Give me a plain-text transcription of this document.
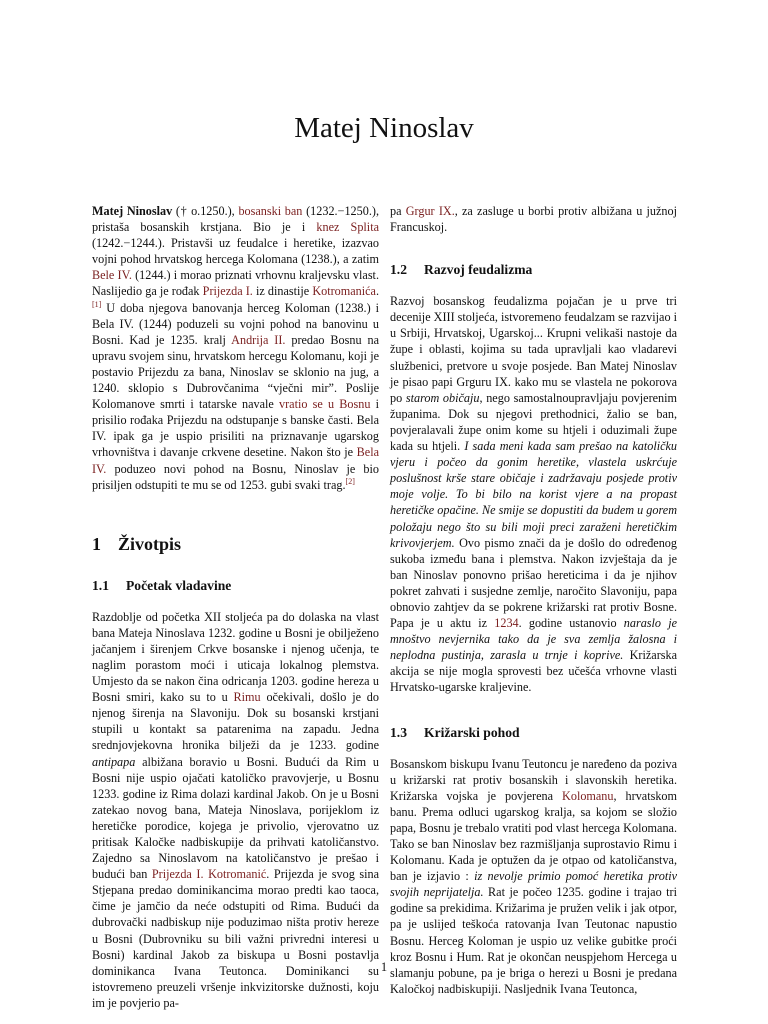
Matej Ninoslav

Matej Ninoslav († o.1250.), bosanski ban (1232.−1250.), pristaša bosanskih krstjana. Bio je i knez Splita (1242.−1244.). Pristavši uz feudalce i heretike, izazvao vojni pohod hrvatskog hercega Kolomana (1238.), a zatim Bele IV. (1244.) i morao priznati vrhovnu kraljevsku vlast. Naslijedio ga je rođak Prijezda I. iz dinastije Kotromanića.[1] U doba njegova banovanja herceg Koloman (1238.) i Bela IV. (1244) poduzeli su vojni pohod na banovinu u Bosni. Kad je 1235. kralj Andrija II. predao Bosnu na upravu svojem sinu, hrvatskom hercegu Kolomanu, koji je postavio Prijezdu za bana, Ninoslav se sklonio na jug, a 1240. sklopio s Dubrovčanima “vječni mir”. Poslije Kolomanove smrti i tatarske navale vratio se u Bosnu i prisilio rođaka Prijezdu na odstupanje s banske časti. Bela IV. ipak ga je uspio prisiliti na priznavanje ugarskog vrhovništva i davanje crkvene desetine. Nakon što je Bela IV. poduzeo novi pohod na Bosnu, Ninoslav je bio prisiljen odstupiti te mu se od 1253. gubi svaki trag.[2]

1 Životpis
1.1 Početak vladavine

Razdoblje od početka XII stoljeća pa do dolaska na vlast bana Mateja Ninoslava 1232. godine u Bosni je obilježeno jačanjem i širenjem Crkve bosanske i njenog učenja, te naglim porastom moći i uticaja lokalnog plemstva. Umjesto da se nakon čina odricanja 1203. godine hereza u Bosni smiri, kako su to u Rimu očekivali, došlo je do njenog širenja na Slavoniju. Dok su bosanski krstjani stupili u kontakt sa patarenima na zapadu. Jedna srednjovjekovna hronika bilježi da je 1233. godine antipapa albižana boravio u Bosni. Budući da Rim u Bosni nije uspio ojačati katoličko pravovjerje, u Bosnu 1233. godine iz Rima dolazi kardinal Jakob. On je u Bosni zatekao novog bana, Mateja Ninoslava, porijeklom iz heretičke porodice, kojega je privolio, vjerovatno uz pritisak Kaločke nadbiskupije da prihvati katoličanstvo. Zajedno sa Ninoslavom na katoličanstvo je prešao i budući ban Prijezda I. Kotromanić. Prijezda je svog sina Stjepana predao dominikancima morao predti kao taoca, čime je jamčio da neće odstupiti od Rima. Budući da dubrovački nadbiskup nije poduzimao ništa protiv hereze u Bosni (Dubrovniku su bili važni privredni interesi u Bosni) kardinal Jakob za biskupa u Bosni postavlja dominikanca Ivana Teutonca. Dominikanci su istovremeno preuzeli vršenje inkvizitorske dužnosti, koju im je povjerio pa-

pa Grgur IX., za zasluge u borbi protiv albižana u južnoj Francuskoj.

1.2 Razvoj feudalizma

Razvoj bosanskog feudalizma pojačan je u prve tri decenije XIII stoljeća, istvoremeno feudalzam se razvijao i u Srbiji, Hrvatskoj, Ugarskoj... Krupni velikaši nastoje da župe i oblasti, kojima su tada upravljali kao vladarevi službenici, pretvore u svoje posjede. Ban Matej Ninoslav je pisao papi Grguru IX. kako mu se vlastela ne pokorova po starom običaju, nego samostalnoupravljaju povjerenim županima. Dok su njegovi prethodnici, žalio se ban, povjeralavali župe onim kome su htjeli i oduzimali župe kada su htjeli. I sada meni kada sam prešao na katoličku vjeru i počeo da gonim heretike, vlastela uskrćuje poslušnost krše stare običaje i zadržavaju posjede protiv moje volje. To bi bilo na korist vjere a na propast heretičke opačine. Ne smije se dopustiti da budem u gorem položaju nego što su bili moji preci zaraženi heretičkim krivovjerjem. Ovo pismo znači da je došlo do određenog sukoba između bana i plemstva. Nakon izvještaja da je ban Ninoslav ponovno prišao hereticima i da je njihov pokret zahvati i susjedne zemlje, naročito Slavoniju, papa obnovio zahtjev da se pokrene križarski rat protiv Bosne. Papa je u aktu iz 1234. godine ustanovio naraslo je mnoštvo nevjernika tako da je sva zemlja žalosna i neplodna pustinja, zarasla u trnje i koprive. Križarska akcija se nije mogla sprovesti bez učešća vrhovne vlasti Hrvatsko-ugarske kraljevine.

1.3 Križarski pohod

Bosanskom biskupu Ivanu Teutoncu je naređeno da poziva u križarski rat protiv bosanskih i slavonskih heretika. Križarska vojska je povjerena Kolomanu, hrvatskom banu. Prema odluci ugarskog kralja, sa kojom se složio papa, Bosnu je trebalo vratiti pod vlast hercega Kolomana. Tako se ban Ninoslav bez razmišljanja suprostavio Rimu i Kolomanu. Kada je optužen da je otpao od katoličanstva, ban je izjavio : iz nevolje primio pomoć heretika protiv svojih neprijatelja. Rat je počeo 1235. godine i trajao tri godine sa prekidima. Križarima je pružen velik i jak otpor, pa je uslijed teškoća ratovanja Ivan Teutonac napustio Bosnu. Herceg Koloman je uspio uz velike gubitke proći kroz Bosnu i Hum. Rat je okončan neuspjehom Hercega u slamanju pobune, pa je briga o herezi u Bosni je predana Kaločkoj nadbiskupiji. Nasljednik Ivana Teutonca,

1
